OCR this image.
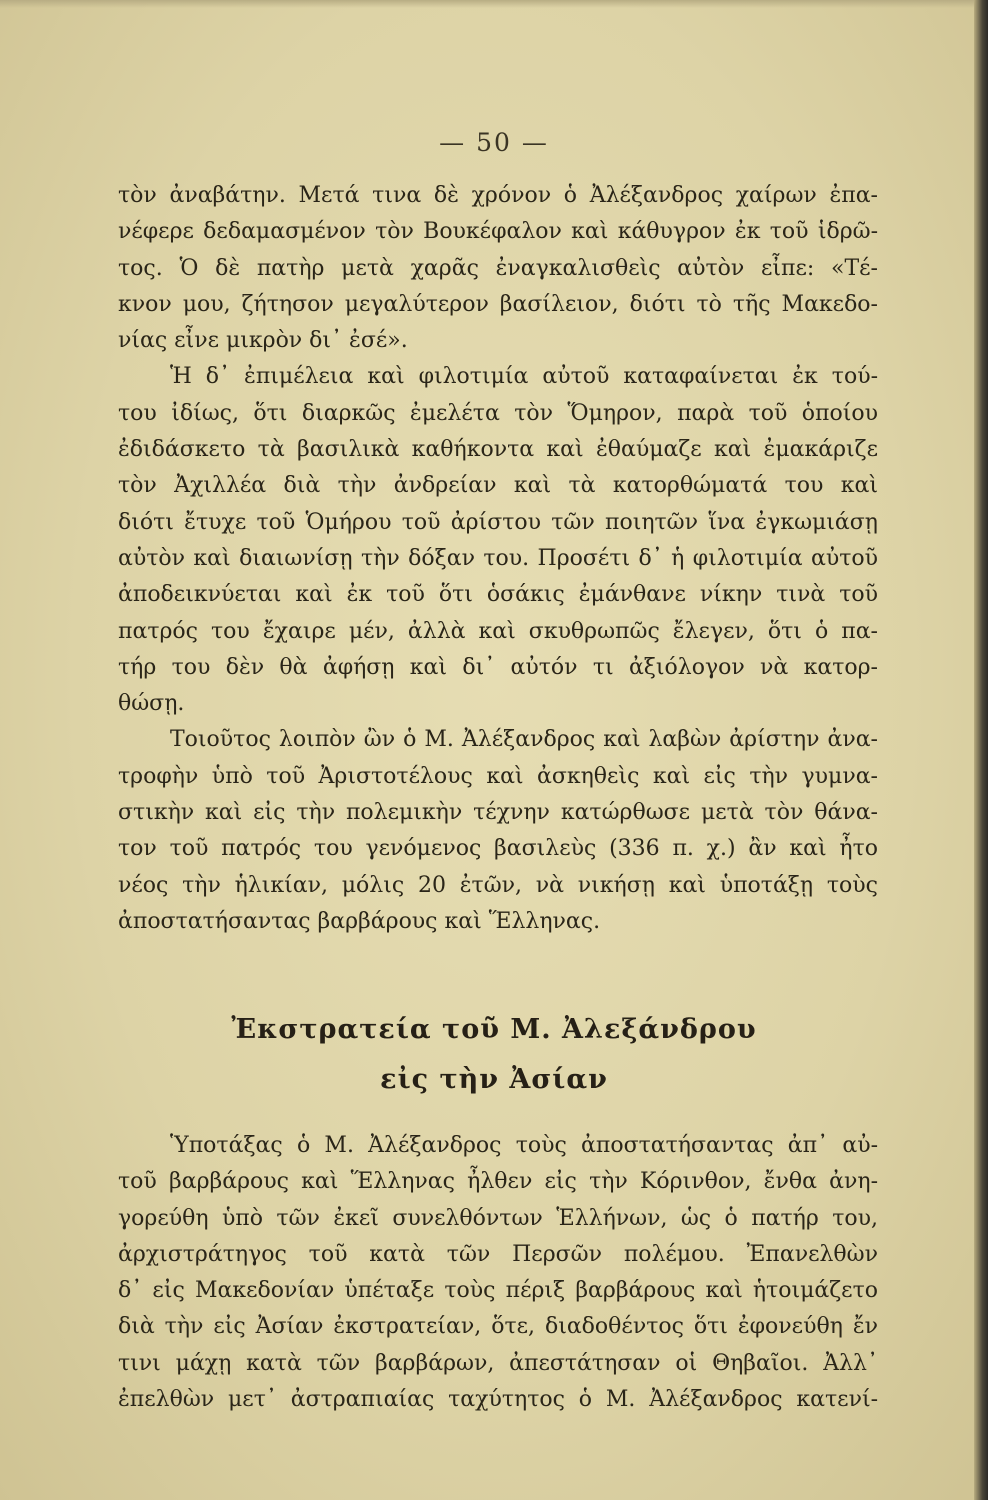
— 50 —
τὸν ἀναβάτην. Μετά τινα δὲ χρόνον ὁ Ἀλέξανδρος χαίρων ἐπα-
νέφερε δεδαμασμένον τὸν Βουκέφαλον καὶ κάθυγρον ἐκ τοῦ ἱδρῶ-
τος. Ὁ δὲ πατὴρ μετὰ χαρᾶς ἐναγκαλισθεὶς αὐτὸν εἶπε: «Τέ-
κνον μου, ζήτησον μεγαλύτερον βασίλειον, διότι τὸ τῆς Μακεδο-
νίας εἶνε μικρὸν δι᾽ ἐσέ».
Ἡ δ᾽ ἐπιμέλεια καὶ φιλοτιμία αὐτοῦ καταφαίνεται ἐκ τού-
του ἰδίως, ὅτι διαρκῶς ἐμελέτα τὸν Ὅμηρον, παρὰ τοῦ ὁποίου
ἐδιδάσκετο τὰ βασιλικὰ καθήκοντα καὶ ἐθαύμαζε καὶ ἐμακάριζε
τὸν Ἀχιλλέα διὰ τὴν ἀνδρείαν καὶ τὰ κατορθώματά του καὶ
διότι ἔτυχε τοῦ Ὁμήρου τοῦ ἀρίστου τῶν ποιητῶν ἵνα ἐγκωμιάσῃ
αὐτὸν καὶ διαιωνίσῃ τὴν δόξαν του. Προσέτι δ᾽ ἡ φιλοτιμία αὐτοῦ
ἀποδεικνύεται καὶ ἐκ τοῦ ὅτι ὁσάκις ἐμάνθανε νίκην τινὰ τοῦ
πατρός του ἔχαιρε μέν, ἀλλὰ καὶ σκυθρωπῶς ἔλεγεν, ὅτι ὁ πα-
τήρ του δὲν θὰ ἀφήσῃ καὶ δι᾽ αὐτόν τι ἀξιόλογον νὰ κατορ-
θώσῃ.
Τοιοῦτος λοιπὸν ὢν ὁ Μ. Ἀλέξανδρος καὶ λαβὼν ἀρίστην ἀνα-
τροφὴν ὑπὸ τοῦ Ἀριστοτέλους καὶ ἀσκηθεὶς καὶ εἰς τὴν γυμνα-
στικὴν καὶ εἰς τὴν πολεμικὴν τέχνην κατώρθωσε μετὰ τὸν θάνα-
τον τοῦ πατρός του γενόμενος βασιλεὺς (336 π. χ.) ἂν καὶ ἦτο
νέος τὴν ἡλικίαν, μόλις 20 ἐτῶν, νὰ νικήσῃ καὶ ὑποτάξῃ τοὺς
ἀποστατήσαντας βαρβάρους καὶ Ἕλληνας.
Ἐκστρατεία τοῦ Μ. Ἀλεξάνδρου
εἰς τὴν Ἀσίαν
Ὑποτάξας ὁ Μ. Ἀλέξανδρος τοὺς ἀποστατήσαντας ἀπ᾽ αὐ-
τοῦ βαρβάρους καὶ Ἕλληνας ἦλθεν εἰς τὴν Κόρινθον, ἔνθα ἀνη-
γορεύθη ὑπὸ τῶν ἐκεῖ συνελθόντων Ἑλλήνων, ὡς ὁ πατήρ του,
ἀρχιστράτηγος τοῦ κατὰ τῶν Περσῶν πολέμου. Ἐπανελθὼν
δ᾽ εἰς Μακεδονίαν ὑπέταξε τοὺς πέριξ βαρβάρους καὶ ἡτοιμάζετο
διὰ τὴν εἰς Ἀσίαν ἐκστρατείαν, ὅτε, διαδοθέντος ὅτι ἐφονεύθη ἔν
τινι μάχῃ κατὰ τῶν βαρβάρων, ἀπεστάτησαν οἱ Θηβαῖοι. Ἀλλ᾽
ἐπελθὼν μετ᾽ ἀστραπιαίας ταχύτητος ὁ Μ. Ἀλέξανδρος κατενί-
